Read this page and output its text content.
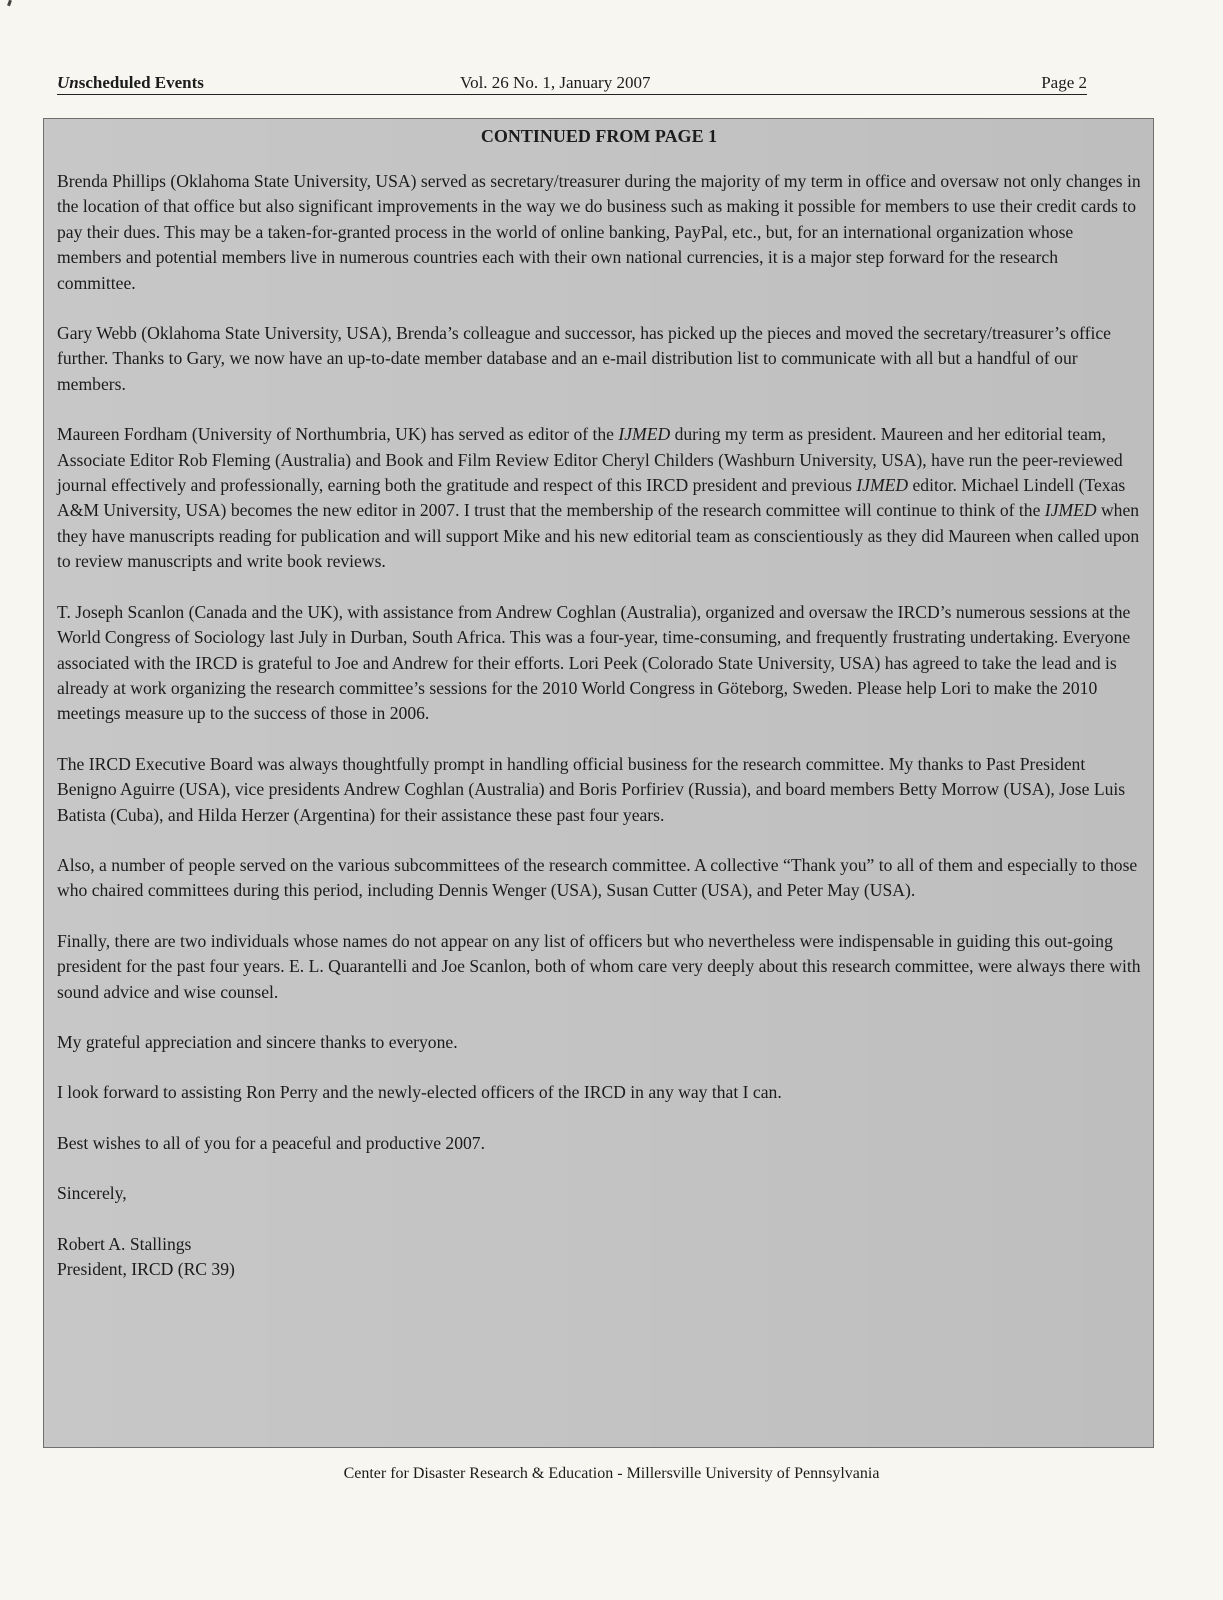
Unscheduled Events	Vol. 26 No. 1, January 2007	Page 2
CONTINUED FROM PAGE 1

Brenda Phillips (Oklahoma State University, USA) served as secretary/treasurer during the majority of my term in office and oversaw not only changes in the location of that office but also significant improvements in the way we do business such as making it possible for members to use their credit cards to pay their dues. This may be a taken-for-granted process in the world of online banking, PayPal, etc., but, for an international organization whose members and potential members live in numerous countries each with their own national currencies, it is a major step forward for the research committee.

Gary Webb (Oklahoma State University, USA), Brenda’s colleague and successor, has picked up the pieces and moved the secretary/treasurer’s office further. Thanks to Gary, we now have an up-to-date member database and an e-mail distribution list to communicate with all but a handful of our members.

Maureen Fordham (University of Northumbria, UK) has served as editor of the IJMED during my term as president. Maureen and her editorial team, Associate Editor Rob Fleming (Australia) and Book and Film Review Editor Cheryl Childers (Washburn University, USA), have run the peer-reviewed journal effectively and professionally, earning both the gratitude and respect of this IRCD president and previous IJMED editor. Michael Lindell (Texas A&M University, USA) becomes the new editor in 2007. I trust that the membership of the research committee will continue to think of the IJMED when they have manuscripts reading for publication and will support Mike and his new editorial team as conscientiously as they did Maureen when called upon to review manuscripts and write book reviews.

T. Joseph Scanlon (Canada and the UK), with assistance from Andrew Coghlan (Australia), organized and oversaw the IRCD’s numerous sessions at the World Congress of Sociology last July in Durban, South Africa. This was a four-year, time-consuming, and frequently frustrating undertaking. Everyone associated with the IRCD is grateful to Joe and Andrew for their efforts. Lori Peek (Colorado State University, USA) has agreed to take the lead and is already at work organizing the research committee’s sessions for the 2010 World Congress in Göteborg, Sweden. Please help Lori to make the 2010 meetings measure up to the success of those in 2006.

The IRCD Executive Board was always thoughtfully prompt in handling official business for the research committee. My thanks to Past President Benigno Aguirre (USA), vice presidents Andrew Coghlan (Australia) and Boris Porfiriev (Russia), and board members Betty Morrow (USA), Jose Luis Batista (Cuba), and Hilda Herzer (Argentina) for their assistance these past four years.

Also, a number of people served on the various subcommittees of the research committee. A collective “Thank you” to all of them and especially to those who chaired committees during this period, including Dennis Wenger (USA), Susan Cutter (USA), and Peter May (USA).

Finally, there are two individuals whose names do not appear on any list of officers but who nevertheless were indispensable in guiding this out-going president for the past four years. E. L. Quarantelli and Joe Scanlon, both of whom care very deeply about this research committee, were always there with sound advice and wise counsel.

My grateful appreciation and sincere thanks to everyone.

I look forward to assisting Ron Perry and the newly-elected officers of the IRCD in any way that I can.

Best wishes to all of you for a peaceful and productive 2007.

Sincerely,

Robert A. Stallings

President, IRCD (RC 39)

Center for Disaster Research & Education - Millersville University of Pennsylvania
